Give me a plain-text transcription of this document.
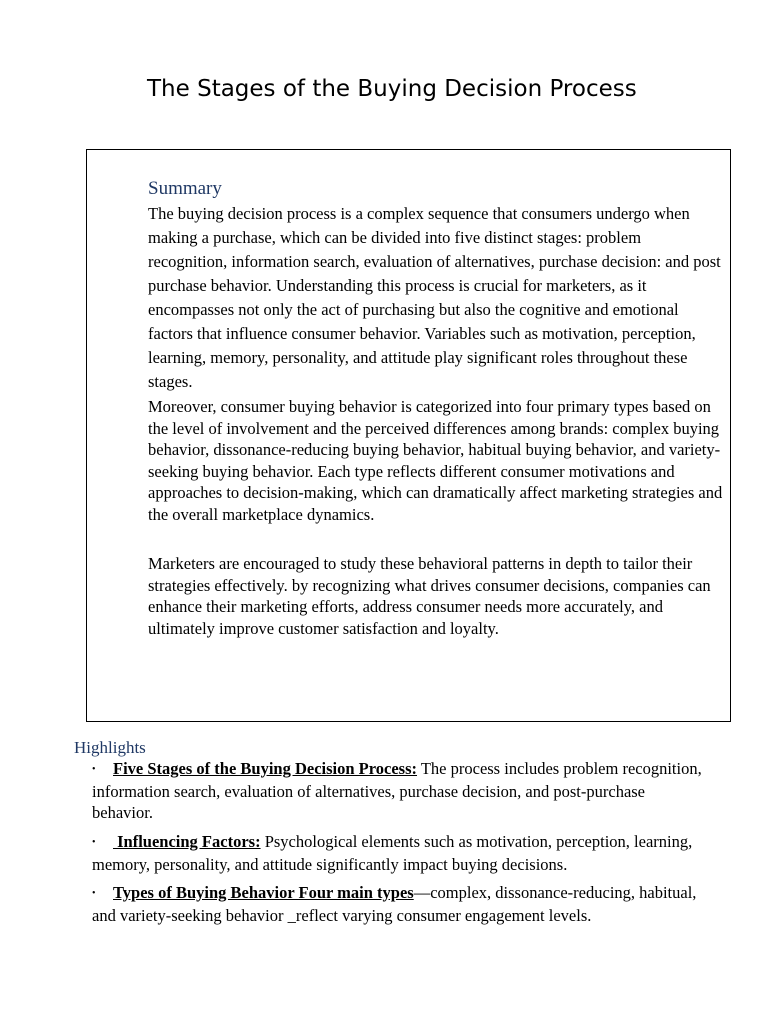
The Stages of the Buying Decision Process
Summary

The buying decision process is a complex sequence that consumers undergo when making a purchase, which can be divided into five distinct stages: problem recognition, information search, evaluation of alternatives, purchase decision: and post purchase behavior. Understanding this process is crucial for marketers, as it encompasses not only the act of purchasing but also the cognitive and emotional factors that influence consumer behavior. Variables such as motivation, perception, learning, memory, personality, and attitude play significant roles throughout these stages.

Moreover, consumer buying behavior is categorized into four primary types based on the level of involvement and the perceived differences among brands: complex buying behavior, dissonance-reducing buying behavior, habitual buying behavior, and variety-seeking buying behavior. Each type reflects different consumer motivations and approaches to decision-making, which can dramatically affect marketing strategies and the overall marketplace dynamics.

Marketers are encouraged to study these behavioral patterns in depth to tailor their strategies effectively. by recognizing what drives consumer decisions, companies can enhance their marketing efforts, address consumer needs more accurately, and ultimately improve customer satisfaction and loyalty.

Highlights
• Five Stages of the Buying Decision Process: The process includes problem recognition, information search, evaluation of alternatives, purchase decision, and post-purchase behavior.
• Influencing Factors: Psychological elements such as motivation, perception, learning, memory, personality, and attitude significantly impact buying decisions.
• Types of Buying Behavior Four main types—complex, dissonance-reducing, habitual, and variety-seeking behavior _reflect varying consumer engagement levels.
